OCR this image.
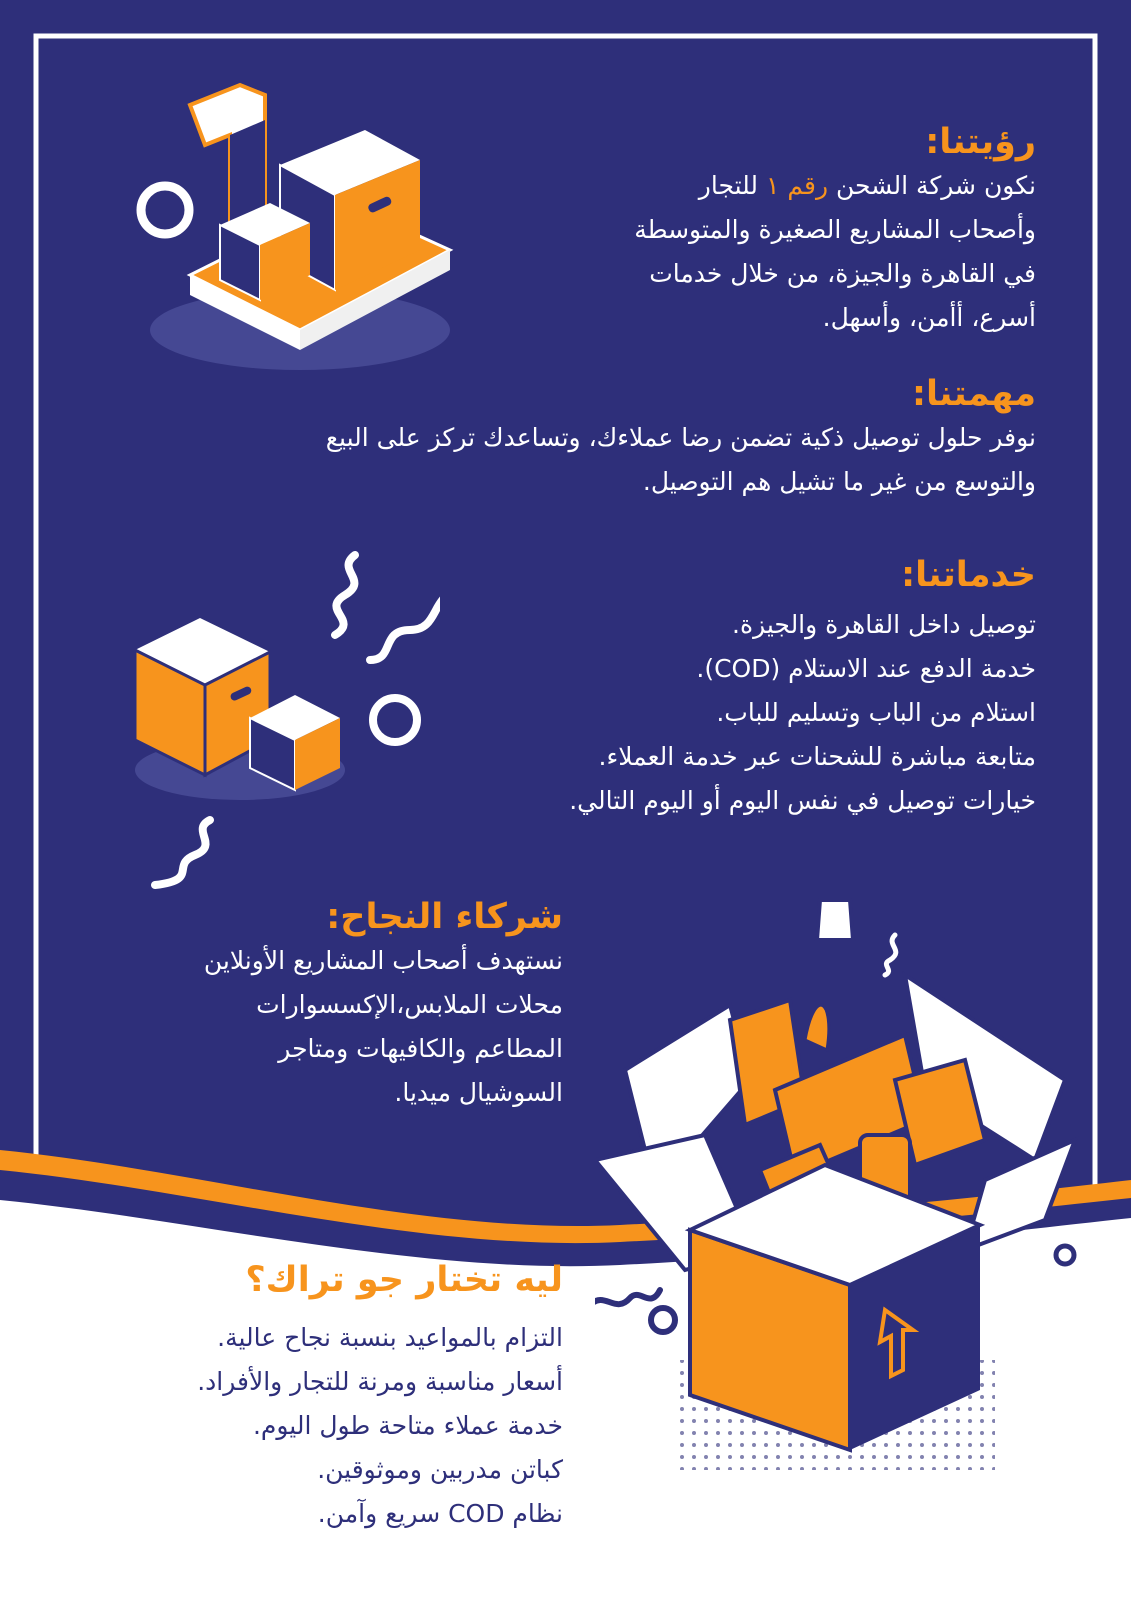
رؤيتنا:

نكون شركة الشحن رقم ١ للتجار

وأصحاب المشاريع الصغيرة والمتوسطة

في القاهرة والجيزة، من خلال خدمات

أسرع، أأمن، وأسهل.

مهمتنا:

نوفر حلول توصيل ذكية تضمن رضا عملاءك، وتساعدك تركز على البيع

والتوسع من غير ما تشيل هم التوصيل.

خدماتنا:

توصيل داخل القاهرة والجيزة.

خدمة الدفع عند الاستلام (COD).

استلام من الباب وتسليم للباب.

متابعة مباشرة للشحنات عبر خدمة العملاء.

خيارات توصيل في نفس اليوم أو اليوم التالي.

شركاء النجاح:

نستهدف أصحاب المشاريع الأونلاين

محلات الملابس،الإكسسوارات

المطاعم والكافيهات ومتاجر

السوشيال ميديا.

ليه تختار جو تراك؟

التزام بالمواعيد بنسبة نجاح عالية.

أسعار مناسبة ومرنة للتجار والأفراد.

خدمة عملاء متاحة طول اليوم.

كباتن مدربين وموثوقين.

نظام COD سريع وآمن.
